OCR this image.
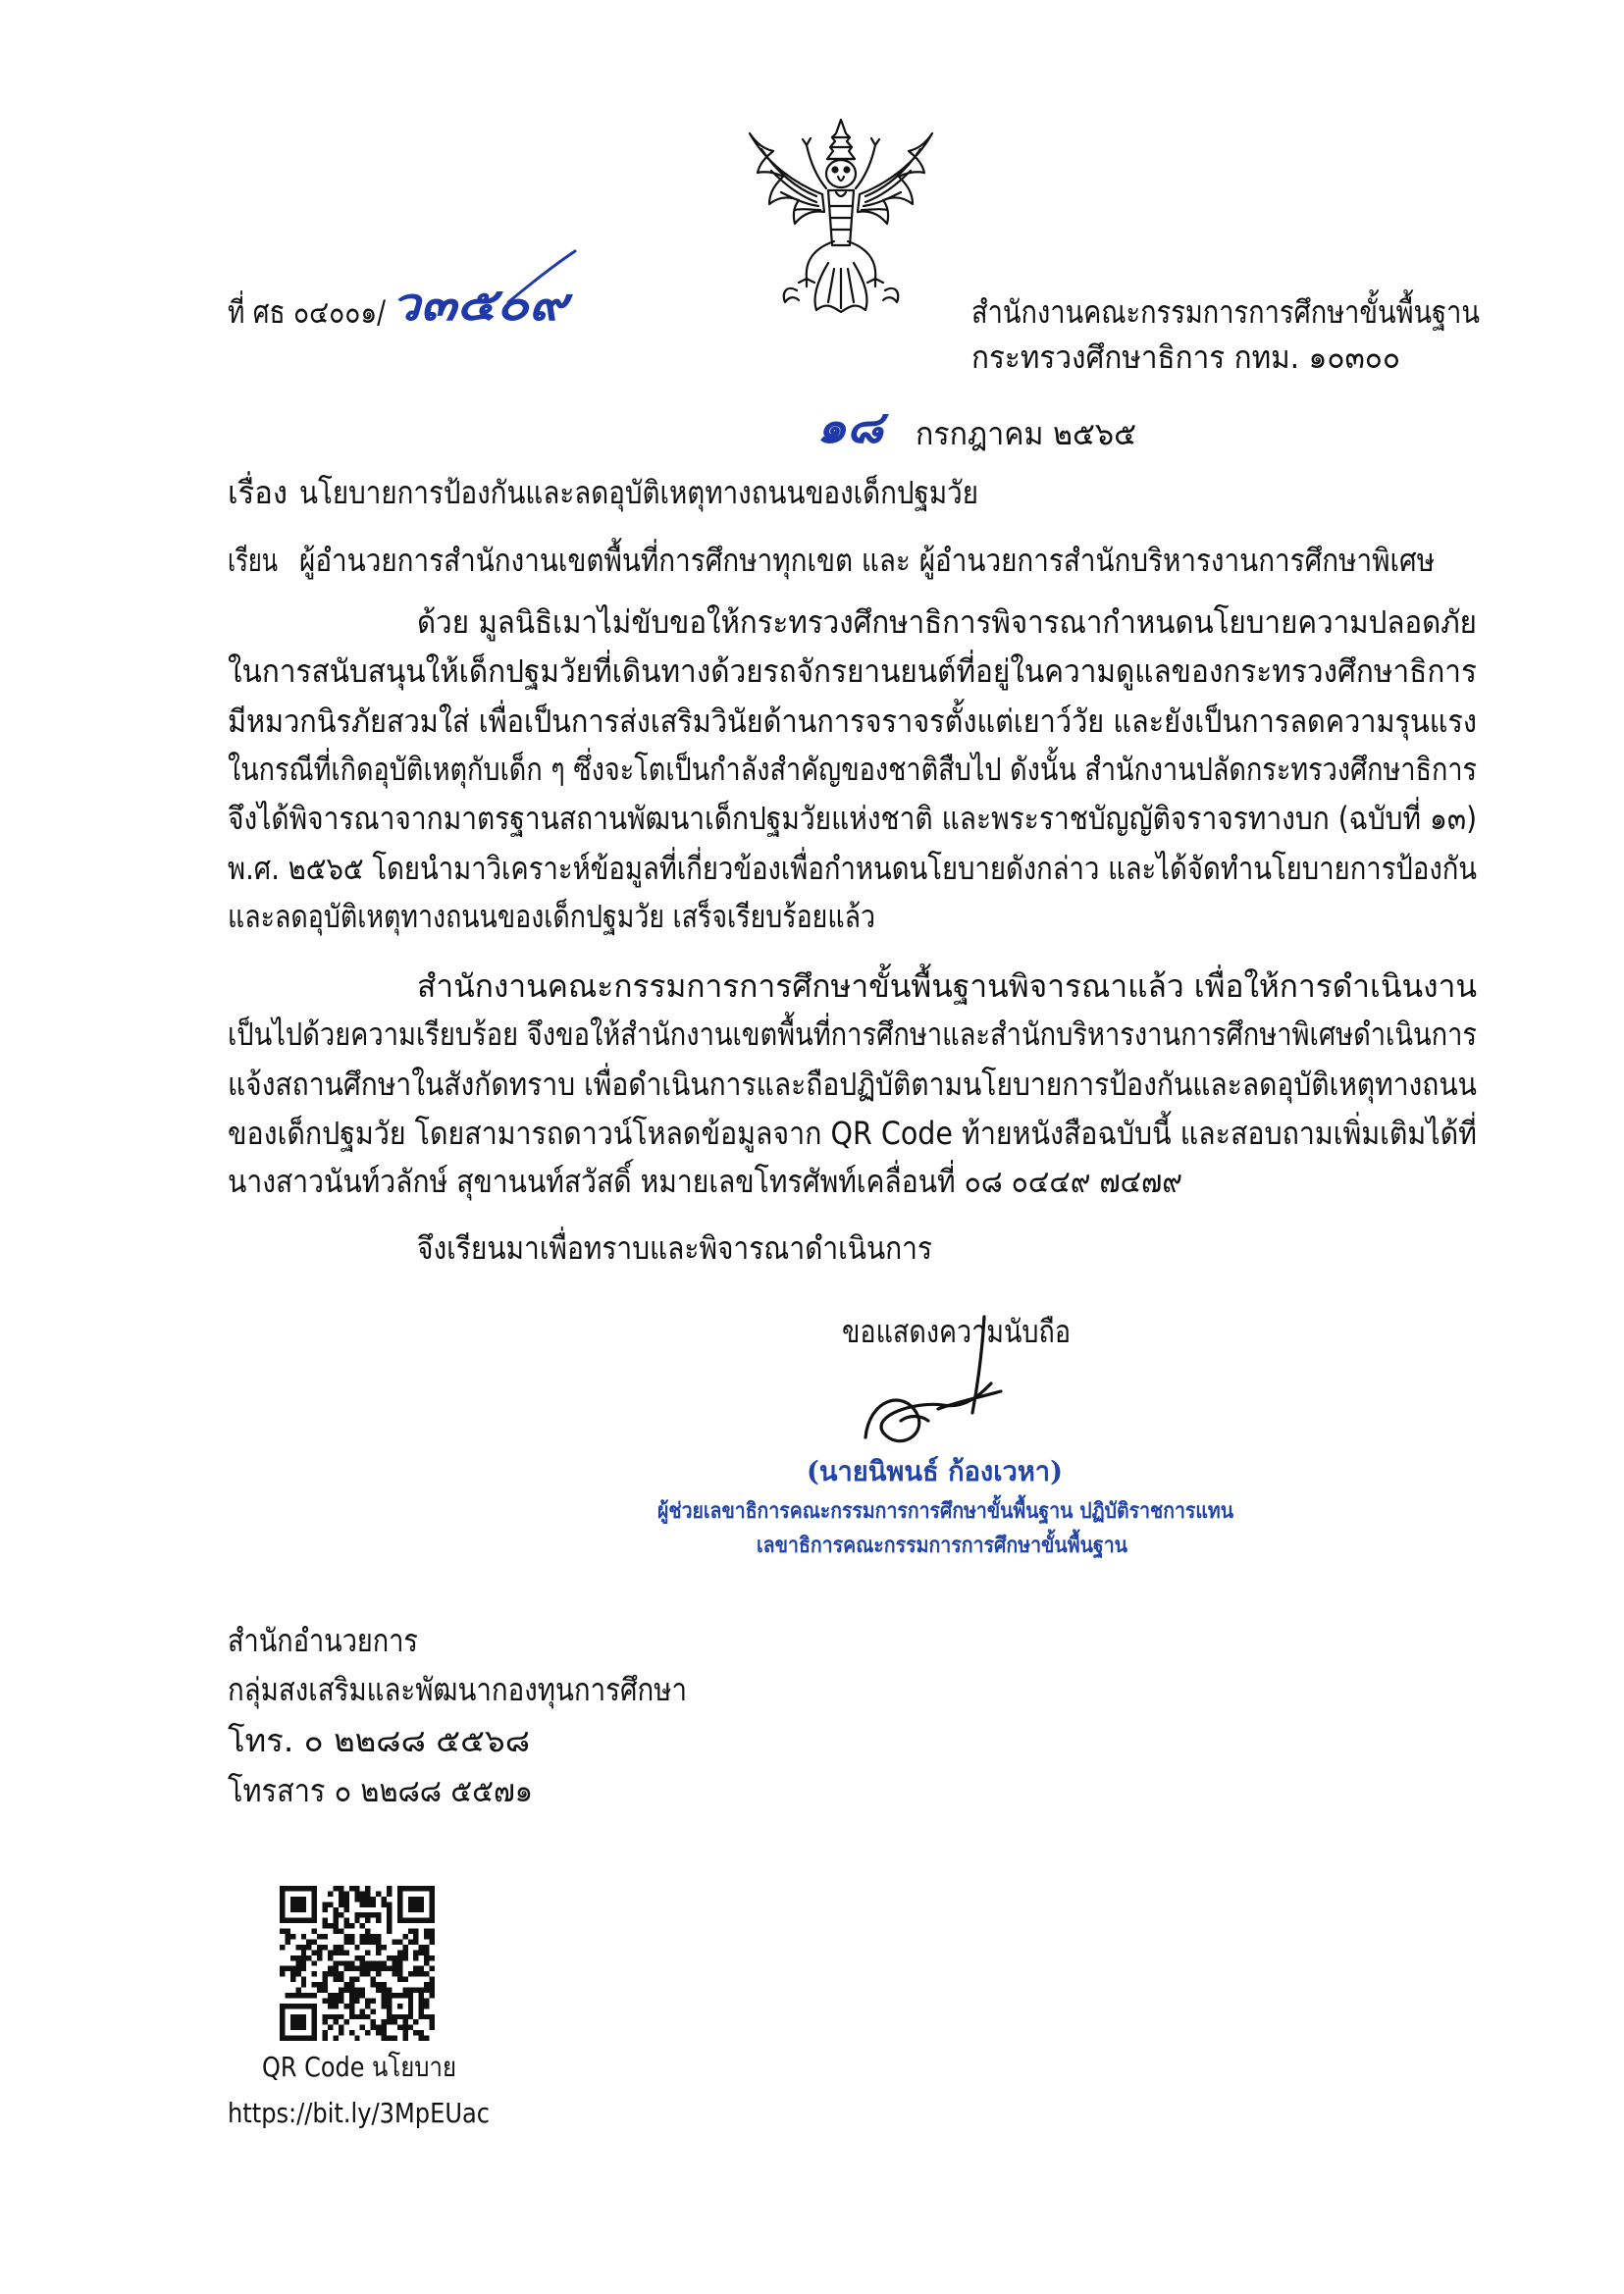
ที่ ศธ ๐๔๐๐๑/ ว๓๕๐๙	สำนักงานคณะกรรมการการศึกษาขั้นพื้นฐาน
กระทรวงศึกษาธิการ กทม. ๑๐๓๐๐
๑๘ กรกฎาคม ๒๕๖๕
เรื่อง นโยบายการป้องกันและลดอุบัติเหตุทางถนนของเด็กปฐมวัย
เรียน ผู้อำนวยการสำนักงานเขตพื้นที่การศึกษาทุกเขต และ ผู้อำนวยการสำนักบริหารงานการศึกษาพิเศษ
ด้วย มูลนิธิเมาไม่ขับขอให้กระทรวงศึกษาธิการพิจารณากำหนดนโยบายความปลอดภัย
ในการสนับสนุนให้เด็กปฐมวัยที่เดินทางด้วยรถจักรยานยนต์ที่อยู่ในความดูแลของกระทรวงศึกษาธิการ
มีหมวกนิรภัยสวมใส่ เพื่อเป็นการส่งเสริมวินัยด้านการจราจรตั้งแต่เยาว์วัย และยังเป็นการลดความรุนแรง
ในกรณีที่เกิดอุบัติเหตุกับเด็ก ๆ ซึ่งจะโตเป็นกำลังสำคัญของชาติสืบไป ดังนั้น สำนักงานปลัดกระทรวงศึกษาธิการ
จึงได้พิจารณาจากมาตรฐานสถานพัฒนาเด็กปฐมวัยแห่งชาติ และพระราชบัญญัติจราจรทางบก (ฉบับที่ ๑๓)
พ.ศ. ๒๕๖๕ โดยนำมาวิเคราะห์ข้อมูลที่เกี่ยวข้องเพื่อกำหนดนโยบายดังกล่าว และได้จัดทำนโยบายการป้องกัน
และลดอุบัติเหตุทางถนนของเด็กปฐมวัย เสร็จเรียบร้อยแล้ว
สำนักงานคณะกรรมการการศึกษาขั้นพื้นฐานพิจารณาแล้ว เพื่อให้การดำเนินงาน
เป็นไปด้วยความเรียบร้อย จึงขอให้สำนักงานเขตพื้นที่การศึกษาและสำนักบริหารงานการศึกษาพิเศษดำเนินการ
แจ้งสถานศึกษาในสังกัดทราบ เพื่อดำเนินการและถือปฏิบัติตามนโยบายการป้องกันและลดอุบัติเหตุทางถนน
ของเด็กปฐมวัย โดยสามารถดาวน์โหลดข้อมูลจาก QR Code ท้ายหนังสือฉบับนี้ และสอบถามเพิ่มเติมได้ที่
นางสาวนันท์วลักษ์ สุขานนท์สวัสดิ์ หมายเลขโทรศัพท์เคลื่อนที่ ๐๘ ๐๔๔๙ ๗๔๗๙
จึงเรียนมาเพื่อทราบและพิจารณาดำเนินการ
ขอแสดงความนับถือ
(นายนิพนธ์ ก้องเวหา)
ผู้ช่วยเลขาธิการคณะกรรมการการศึกษาขั้นพื้นฐาน ปฏิบัติราชการแทน
เลขาธิการคณะกรรมการการศึกษาขั้นพื้นฐาน
สำนักอำนวยการ
กลุ่มสงเสริมและพัฒนากองทุนการศึกษา
โทร. ๐ ๒๒๘๘ ๕๕๖๘
โทรสาร ๐ ๒๒๘๘ ๕๕๗๑
QR Code นโยบาย
https://bit.ly/3MpEUac
